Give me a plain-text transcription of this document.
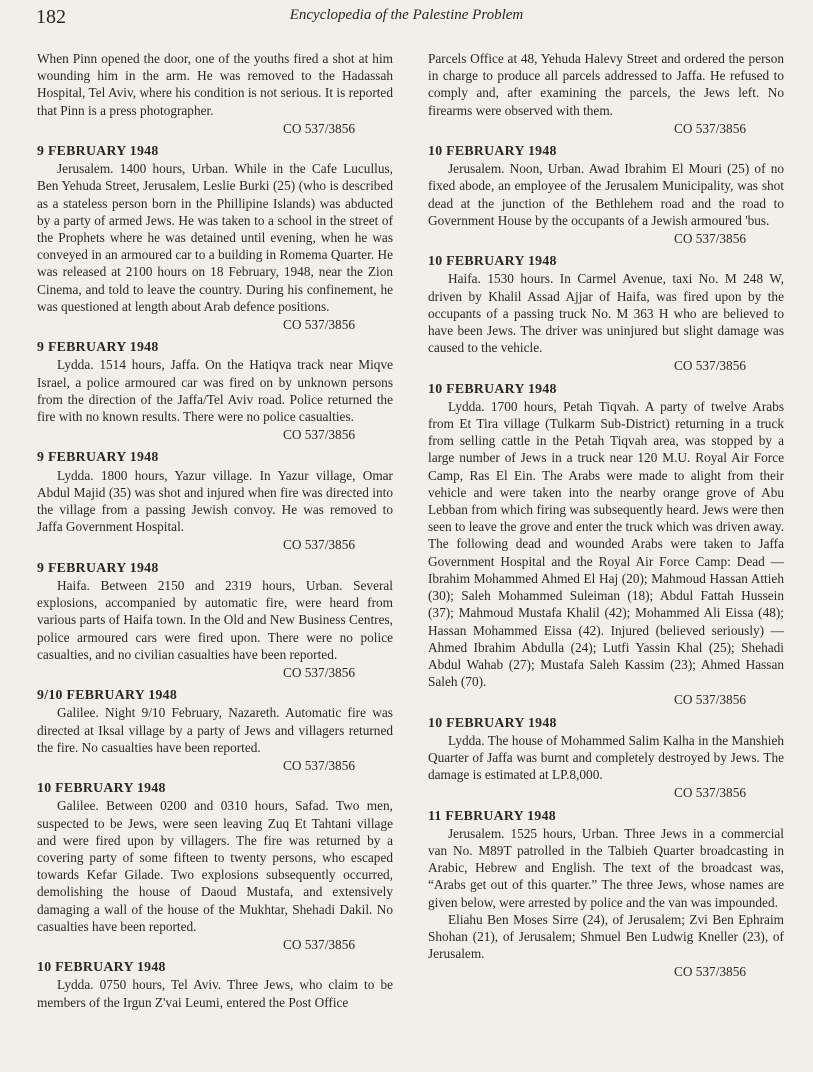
182	Encyclopedia of the Palestine Problem

When Pinn opened the door, one of the youths fired a shot at him wounding him in the arm. He was removed to the Hadassah Hospital, Tel Aviv, where his condition is not serious. It is reported that Pinn is a press photographer.

CO 537/3856
9 FEBRUARY 1948

Jerusalem. 1400 hours, Urban. While in the Cafe Lucullus, Ben Yehuda Street, Jerusalem, Leslie Burki (25) (who is described as a stateless person born in the Phillipine Islands) was abducted by a party of armed Jews. He was taken to a school in the street of the Prophets where he was detained until evening, when he was conveyed in an armoured car to a building in Romema Quarter. He was released at 2100 hours on 18 February, 1948, near the Zion Cinema, and told to leave the country. During his confinement, he was questioned at length about Arab defence positions.

CO 537/3856
9 FEBRUARY 1948

Lydda. 1514 hours, Jaffa. On the Hatiqva track near Miqve Israel, a police armoured car was fired on by unknown persons from the direction of the Jaffa/Tel Aviv road. Police returned the fire with no known results. There were no police casualties.

CO 537/3856
9 FEBRUARY 1948

Lydda. 1800 hours, Yazur village. In Yazur village, Omar Abdul Majid (35) was shot and injured when fire was directed into the village from a passing Jewish convoy. He was removed to Jaffa Government Hospital.

CO 537/3856
9 FEBRUARY 1948

Haifa. Between 2150 and 2319 hours, Urban. Several explosions, accompanied by automatic fire, were heard from various parts of Haifa town. In the Old and New Business Centres, police armoured cars were fired upon. There were no police casualties, and no civilian casualties have been reported.

CO 537/3856
9/10 FEBRUARY 1948

Galilee. Night 9/10 February, Nazareth. Automatic fire was directed at Iksal village by a party of Jews and villagers returned the fire. No casualties have been reported.

CO 537/3856
10 FEBRUARY 1948

Galilee. Between 0200 and 0310 hours, Safad. Two men, suspected to be Jews, were seen leaving Zuq Et Tahtani village and were fired upon by villagers. The fire was returned by a covering party of some fifteen to twenty persons, who escaped towards Kefar Gilade. Two explosions subsequently occurred, demolishing the house of Daoud Mustafa, and extensively damaging a wall of the house of the Mukhtar, Shehadi Dakil. No casualties have been reported.

CO 537/3856
10 FEBRUARY 1948

Lydda. 0750 hours, Tel Aviv. Three Jews, who claim to be members of the Irgun Z'vai Leumi, entered the Post Office

Parcels Office at 48, Yehuda Halevy Street and ordered the person in charge to produce all parcels addressed to Jaffa. He refused to comply and, after examining the parcels, the Jews left. No firearms were observed with them.

CO 537/3856
10 FEBRUARY 1948

Jerusalem. Noon, Urban. Awad Ibrahim El Mouri (25) of no fixed abode, an employee of the Jerusalem Municipality, was shot dead at the junction of the Bethlehem road and the road to Government House by the occupants of a Jewish armoured 'bus.

CO 537/3856
10 FEBRUARY 1948

Haifa. 1530 hours. In Carmel Avenue, taxi No. M 248 W, driven by Khalil Assad Ajjar of Haifa, was fired upon by the occupants of a passing truck No. M 363 H who are believed to have been Jews. The driver was uninjured but slight damage was caused to the vehicle.

CO 537/3856
10 FEBRUARY 1948

Lydda. 1700 hours, Petah Tiqvah. A party of twelve Arabs from Et Tira village (Tulkarm Sub-District) returning in a truck from selling cattle in the Petah Tiqvah area, was stopped by a large number of Jews in a truck near 120 M.U. Royal Air Force Camp, Ras El Ein. The Arabs were made to alight from their vehicle and were taken into the nearby orange grove of Abu Lebban from which firing was subsequently heard. Jews were then seen to leave the grove and enter the truck which was driven away. The following dead and wounded Arabs were taken to Jaffa Government Hospital and the Royal Air Force Camp: Dead — Ibrahim Mohammed Ahmed El Haj (20); Mahmoud Hassan Attieh (30); Saleh Mohammed Suleiman (18); Abdul Fattah Hussein (37); Mahmoud Mustafa Khalil (42); Mohammed Ali Eissa (48); Hassan Mohammed Eissa (42). Injured (believed seriously) — Ahmed Ibrahim Abdulla (24); Lutfi Yassin Khal (25); Shehadi Abdul Wahab (27); Mustafa Saleh Kassim (23); Ahmed Hassan Saleh (70).

CO 537/3856
10 FEBRUARY 1948

Lydda. The house of Mohammed Salim Kalha in the Manshieh Quarter of Jaffa was burnt and completely destroyed by Jews. The damage is estimated at LP.8,000.

CO 537/3856
11 FEBRUARY 1948

Jerusalem. 1525 hours, Urban. Three Jews in a commercial van No. M89T patrolled in the Talbieh Quarter broadcasting in Arabic, Hebrew and English. The text of the broadcast was, “Arabs get out of this quarter.” The three Jews, whose names are given below, were arrested by police and the van was impounded.

Eliahu Ben Moses Sirre (24), of Jerusalem; Zvi Ben Ephraim Shohan (21), of Jerusalem; Shmuel Ben Ludwig Kneller (23), of Jerusalem.

CO 537/3856
